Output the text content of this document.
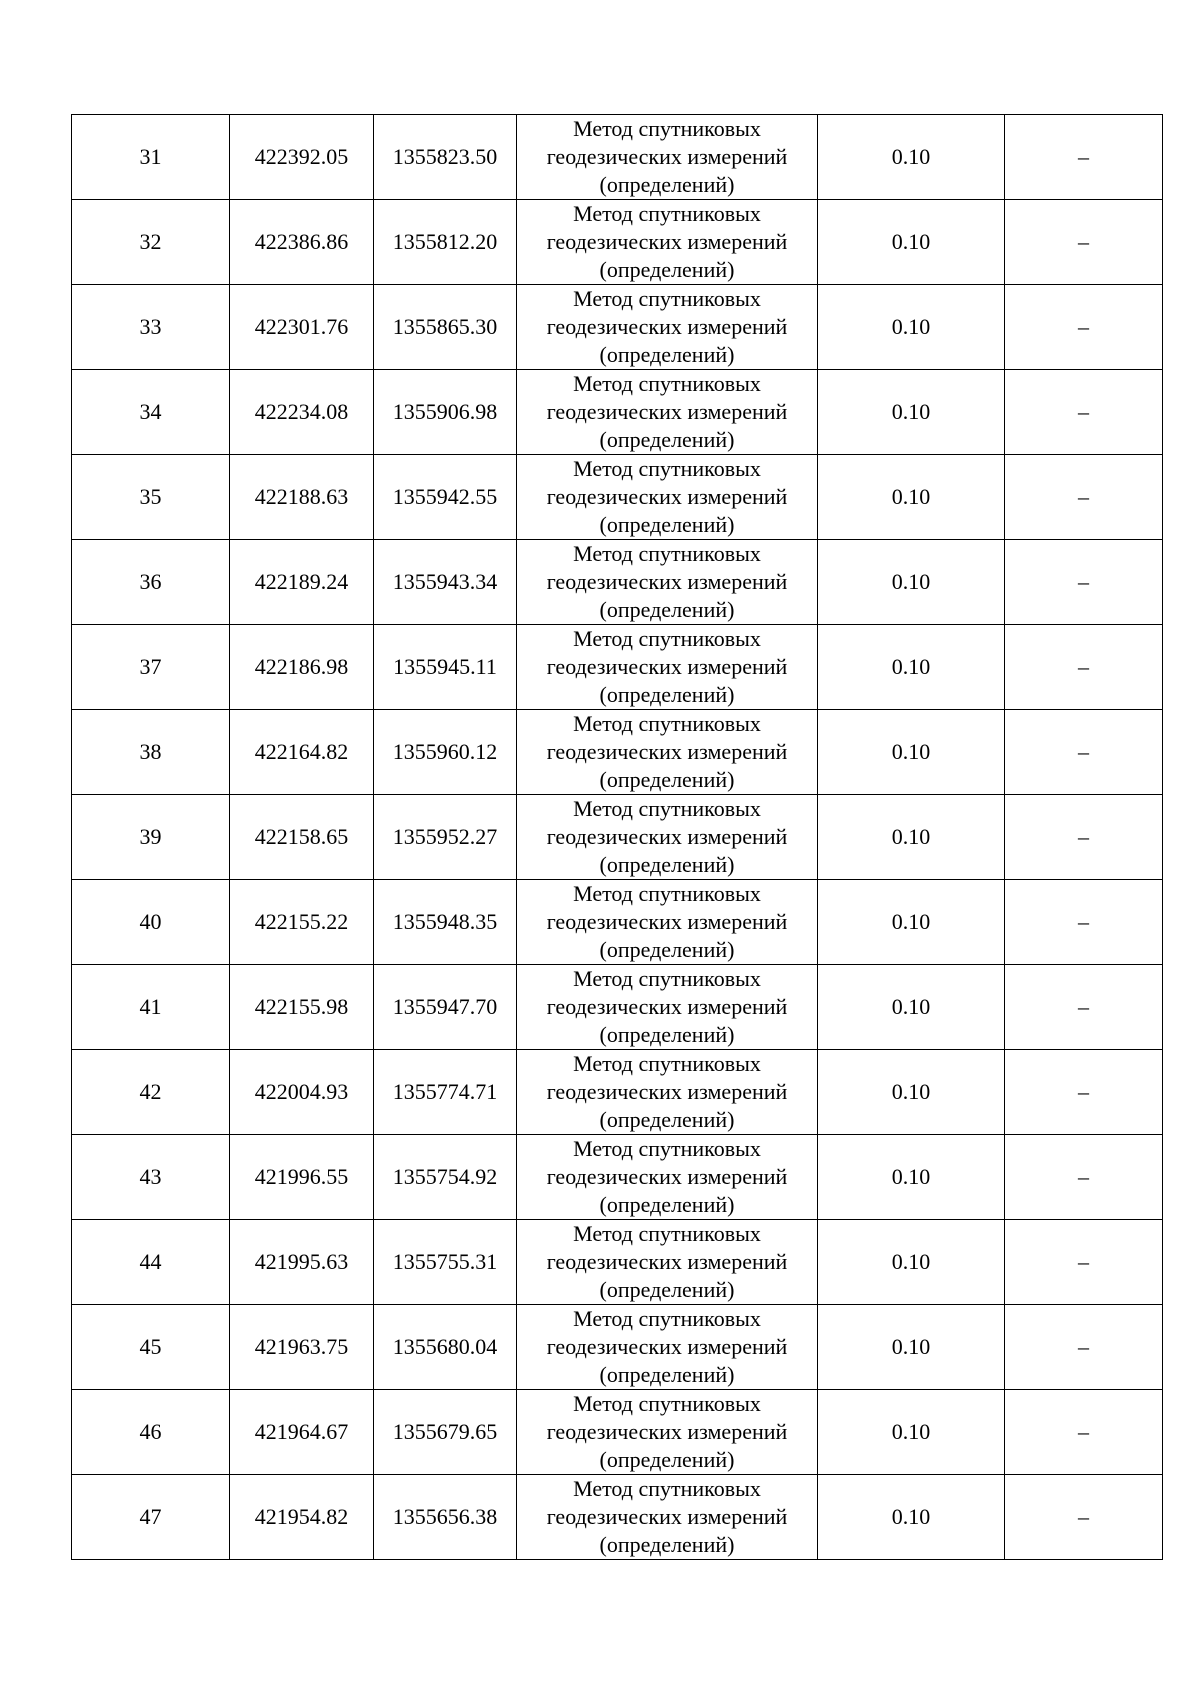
31	422392.05	1355823.50	Метод спутниковых
геодезических измерений
(определений)	0.10	–
32	422386.86	1355812.20	Метод спутниковых
геодезических измерений
(определений)	0.10	–
33	422301.76	1355865.30	Метод спутниковых
геодезических измерений
(определений)	0.10	–
34	422234.08	1355906.98	Метод спутниковых
геодезических измерений
(определений)	0.10	–
35	422188.63	1355942.55	Метод спутниковых
геодезических измерений
(определений)	0.10	–
36	422189.24	1355943.34	Метод спутниковых
геодезических измерений
(определений)	0.10	–
37	422186.98	1355945.11	Метод спутниковых
геодезических измерений
(определений)	0.10	–
38	422164.82	1355960.12	Метод спутниковых
геодезических измерений
(определений)	0.10	–
39	422158.65	1355952.27	Метод спутниковых
геодезических измерений
(определений)	0.10	–
40	422155.22	1355948.35	Метод спутниковых
геодезических измерений
(определений)	0.10	–
41	422155.98	1355947.70	Метод спутниковых
геодезических измерений
(определений)	0.10	–
42	422004.93	1355774.71	Метод спутниковых
геодезических измерений
(определений)	0.10	–
43	421996.55	1355754.92	Метод спутниковых
геодезических измерений
(определений)	0.10	–
44	421995.63	1355755.31	Метод спутниковых
геодезических измерений
(определений)	0.10	–
45	421963.75	1355680.04	Метод спутниковых
геодезических измерений
(определений)	0.10	–
46	421964.67	1355679.65	Метод спутниковых
геодезических измерений
(определений)	0.10	–
47	421954.82	1355656.38	Метод спутниковых
геодезических измерений
(определений)	0.10	–
